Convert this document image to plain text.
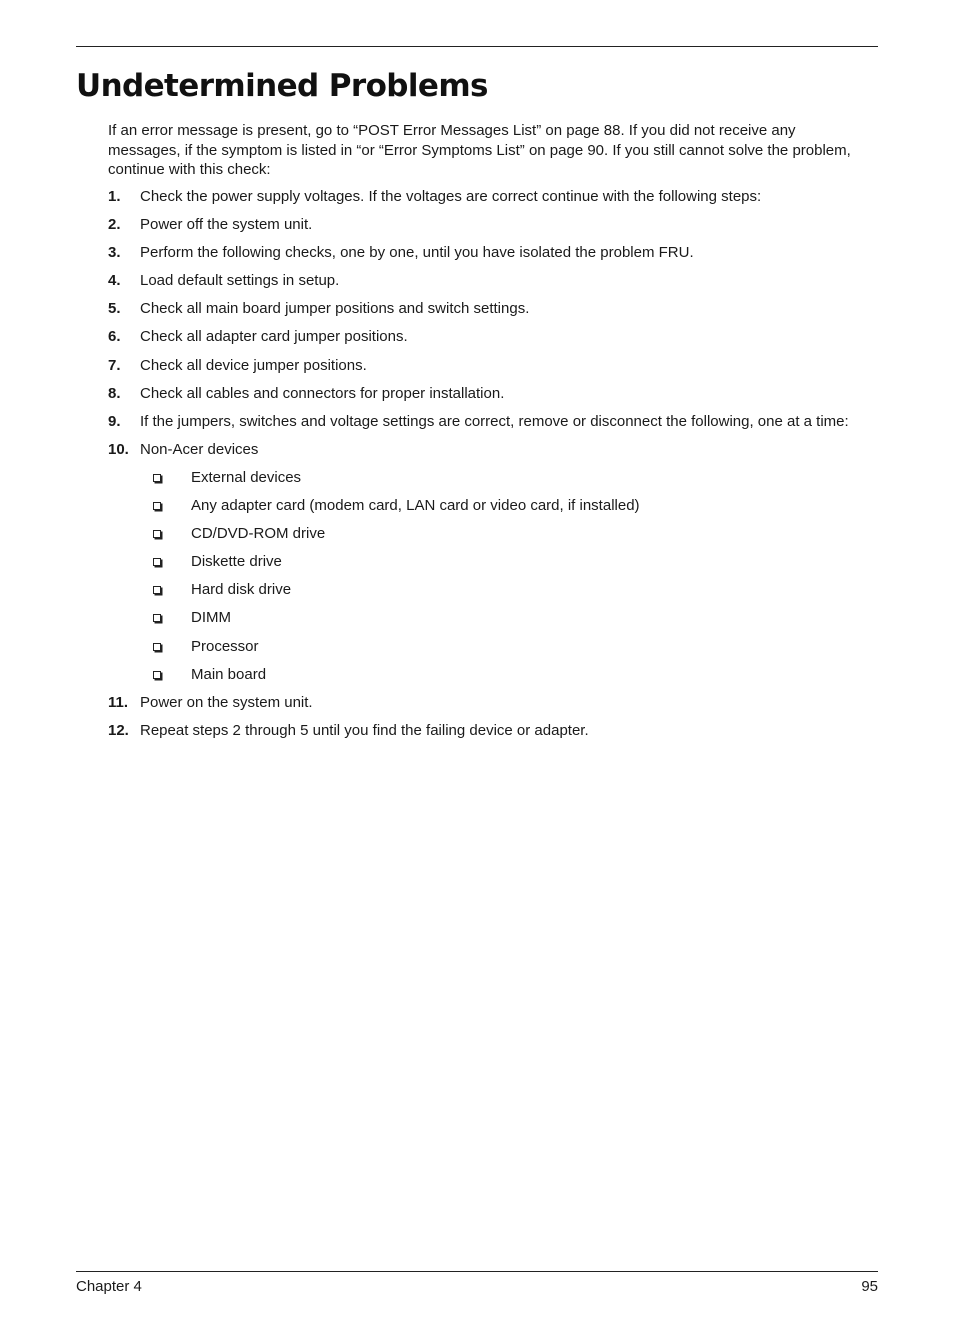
Undetermined Problems

If an error message is present, go to “POST Error Messages List” on page 88. If you did not receive any messages, if the symptom is listed in “or “Error Symptoms List” on page 90. If you still cannot solve the problem, continue with this check:

1. Check the power supply voltages. If the voltages are correct continue with the following steps:
2. Power off the system unit.
3. Perform the following checks, one by one, until you have isolated the problem FRU.
4. Load default settings in setup.
5. Check all main board jumper positions and switch settings.
6. Check all adapter card jumper positions.
7. Check all device jumper positions.
8. Check all cables and connectors for proper installation.
9. If the jumpers, switches and voltage settings are correct, remove or disconnect the following, one at a time:
10. Non-Acer devices
External devices
Any adapter card (modem card, LAN card or video card, if installed)
CD/DVD-ROM drive
Diskette drive
Hard disk drive
DIMM
Processor
Main board
11. Power on the system unit.
12. Repeat steps 2 through 5 until you find the failing device or adapter.
Chapter 4	95
